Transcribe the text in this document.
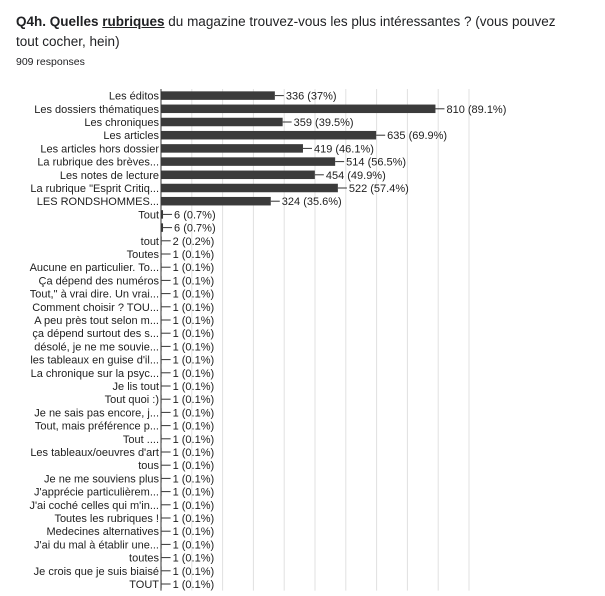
Q4h. Quelles rubriques du magazine trouvez-vous les plus intéressantes ? (vous pouvez tout cocher, hein)
909 responses
Les éditos
Les dossiers thématiques
Les chroniques
Les articles
Les articles hors dossier
La rubrique des brèves...
Les notes de lecture
La rubrique "Esprit Critiq...
LES RONDSHOMMES...
Tout
tout
Toutes
Aucune en particulier. To...
Ça dépend des numéros
Tout," à vrai dire. Un vrai...
Comment choisir ? TOU...
A peu près tout selon m...
ça dépend surtout des s...
désolé, je ne me souvie...
les tableaux en guise d'il...
La chronique sur la psyc...
Je lis tout
Tout quoi :)
Je ne sais pas encore, j...
Tout, mais préférence p...
Tout ....
Les tableaux/oeuvres d'art
tous
Je ne me souviens plus
J'apprécie particulièrem...
J'ai coché celles qui m'in...
Toutes les rubriques !
Medecines alternatives
J'ai du mal à établir une...
toutes
Je crois que je suis biaisé
TOUT
336 (37%)
810 (89.1%)
359 (39.5%)
635 (69.9%)
419 (46.1%)
514 (56.5%)
454 (49.9%)
522 (57.4%)
324 (35.6%)
6 (0.7%)
6 (0.7%)
2 (0.2%)
1 (0.1%)
1 (0.1%)
1 (0.1%)
1 (0.1%)
1 (0.1%)
1 (0.1%)
1 (0.1%)
1 (0.1%)
1 (0.1%)
1 (0.1%)
1 (0.1%)
1 (0.1%)
1 (0.1%)
1 (0.1%)
1 (0.1%)
1 (0.1%)
1 (0.1%)
1 (0.1%)
1 (0.1%)
1 (0.1%)
1 (0.1%)
1 (0.1%)
1 (0.1%)
1 (0.1%)
1 (0.1%)
1 (0.1%)
